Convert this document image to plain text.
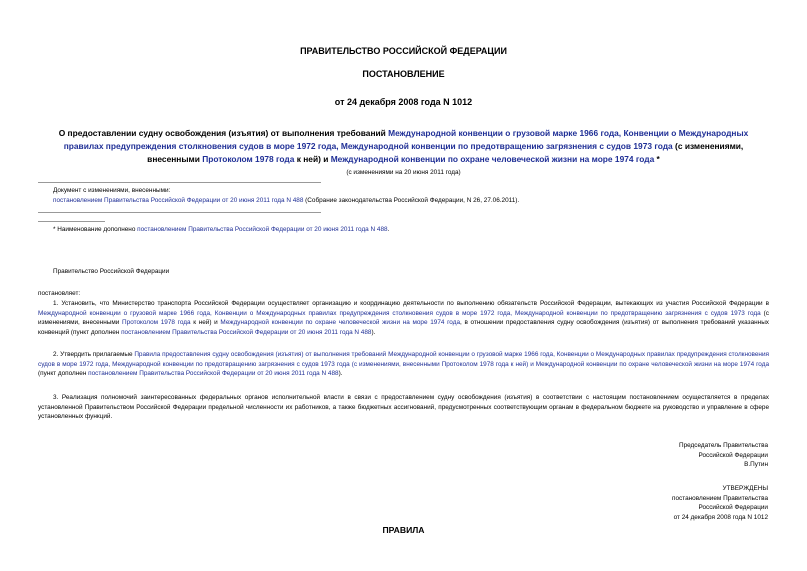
ПРАВИТЕЛЬСТВО РОССИЙСКОЙ ФЕДЕРАЦИИ
ПОСТАНОВЛЕНИЕ
от 24 декабря 2008 года N 1012
О предоставлении судну освобождения (изъятия) от выполнения требований Международной конвенции о грузовой марке 1966 года, Конвенции о Международных правилах предупреждения столкновения судов в море 1972 года, Международной конвенции по предотвращению загрязнения с судов 1973 года (с изменениями, внесенными Протоколом 1978 года к ней) и Международной конвенции по охране человеческой жизни на море 1974 года *
(с изменениями на 20 июня 2011 года)
Документ с изменениями, внесенными:
постановлением Правительства Российской Федерации от 20 июня 2011 года N 488 (Собрание законодательства Российской Федерации, N 26, 27.06.2011).
* Наименование дополнено постановлением Правительства Российской Федерации от 20 июня 2011 года N 488.
Правительство Российской Федерации
постановляет:
1. Установить, что Министерство транспорта Российской Федерации осуществляет организацию и координацию деятельности по выполнению обязательств Российской Федерации, вытекающих из участия Российской Федерации в Международной конвенции о грузовой марке 1966 года, Конвенции о Международных правилах предупреждения столкновения судов в море 1972 года, Международной конвенции по предотвращению загрязнения с судов 1973 года (с изменениями, внесенными Протоколом 1978 года к ней) и Международной конвенции по охране человеческой жизни на море 1974 года, в отношении предоставления судну освобождения (изъятия) от выполнения требований указанных конвенций (пункт дополнен постановлением Правительства Российской Федерации от 20 июня 2011 года N 488).
2. Утвердить прилагаемые Правила предоставления судну освобождения (изъятия) от выполнения требований Международной конвенции о грузовой марке 1966 года, Конвенции о Международных правилах предупреждения столкновения судов в море 1972 года, Международной конвенции по предотвращению загрязнения с судов 1973 года (с изменениями, внесенными Протоколом 1978 года к ней) и Международной конвенции по охране человеческой жизни на море 1974 года (пункт дополнен постановлением Правительства Российской Федерации от 20 июня 2011 года N 488).
3. Реализация полномочий заинтересованных федеральных органов исполнительной власти в связи с предоставлением судну освобождения (изъятия) в соответствии с настоящим постановлением осуществляется в пределах установленной Правительством Российской Федерации предельной численности их работников, а также бюджетных ассигнований, предусмотренных соответствующим органам в федеральном бюджете на руководство и управление в сфере установленных функций.
Председатель Правительства
Российской Федерации
В.Путин
УТВЕРЖДЕНЫ
постановлением Правительства
Российской Федерации
от 24 декабря 2008 года N 1012
ПРАВИЛА
